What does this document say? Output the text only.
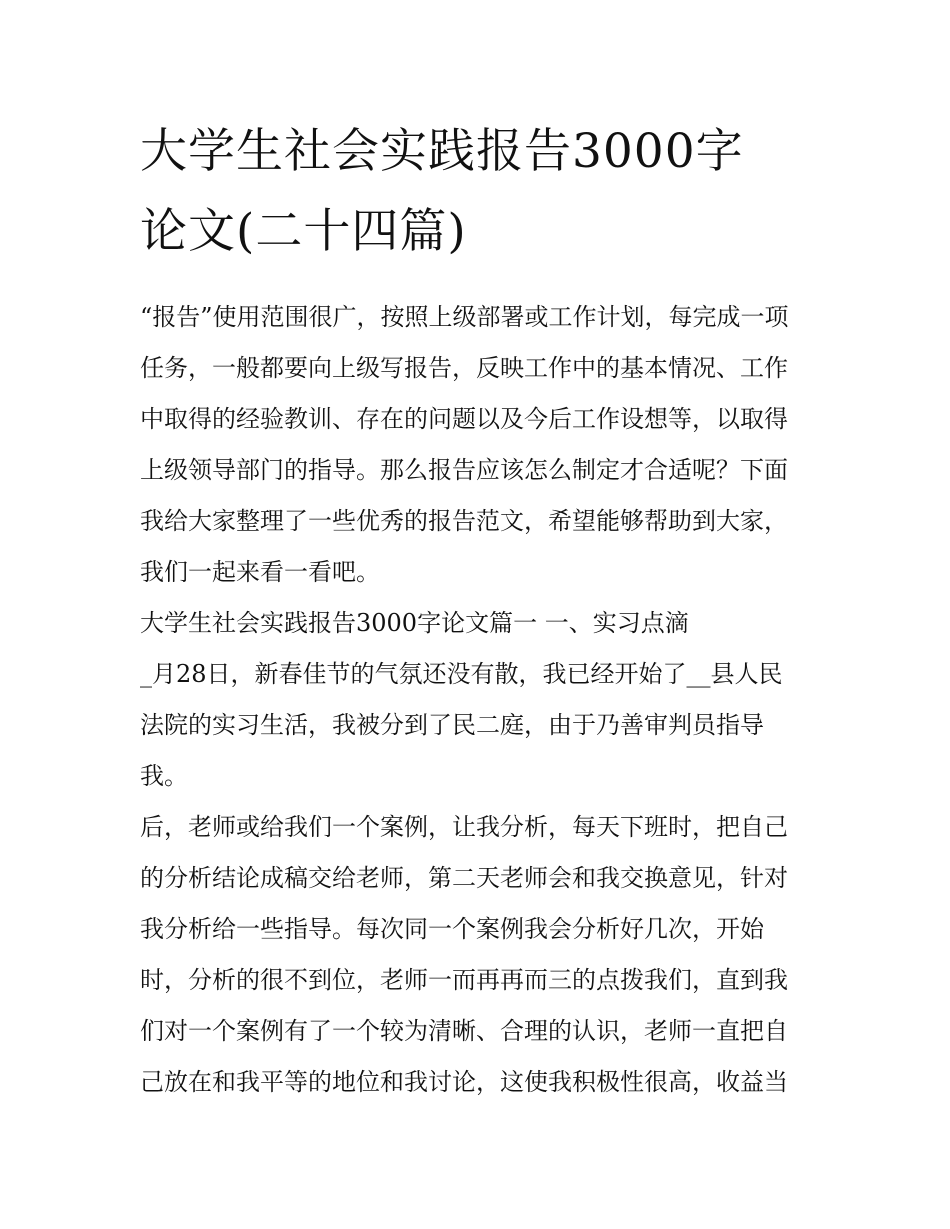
大学生社会实践报告3000字
论文(二十四篇)
“报告”使用范围很广，按照上级部署或工作计划，每完成一项
任务，一般都要向上级写报告，反映工作中的基本情况、工作
中取得的经验教训、存在的问题以及今后工作设想等，以取得
上级领导部门的指导。那么报告应该怎么制定才合适呢？下面
我给大家整理了一些优秀的报告范文，希望能够帮助到大家，
我们一起来看一看吧。
大学生社会实践报告3000字论文篇一 一、实习点滴
_月28日，新春佳节的气氛还没有散，我已经开始了__县人民
法院的实习生活，我被分到了民二庭，由于乃善审判员指导
我。
后，老师或给我们一个案例，让我分析，每天下班时，把自己
的分析结论成稿交给老师，第二天老师会和我交换意见，针对
我分析给一些指导。每次同一个案例我会分析好几次，开始
时，分析的很不到位，老师一而再再而三的点拨我们，直到我
们对一个案例有了一个较为清晰、合理的认识，老师一直把自
己放在和我平等的地位和我讨论，这使我积极性很高，收益当
